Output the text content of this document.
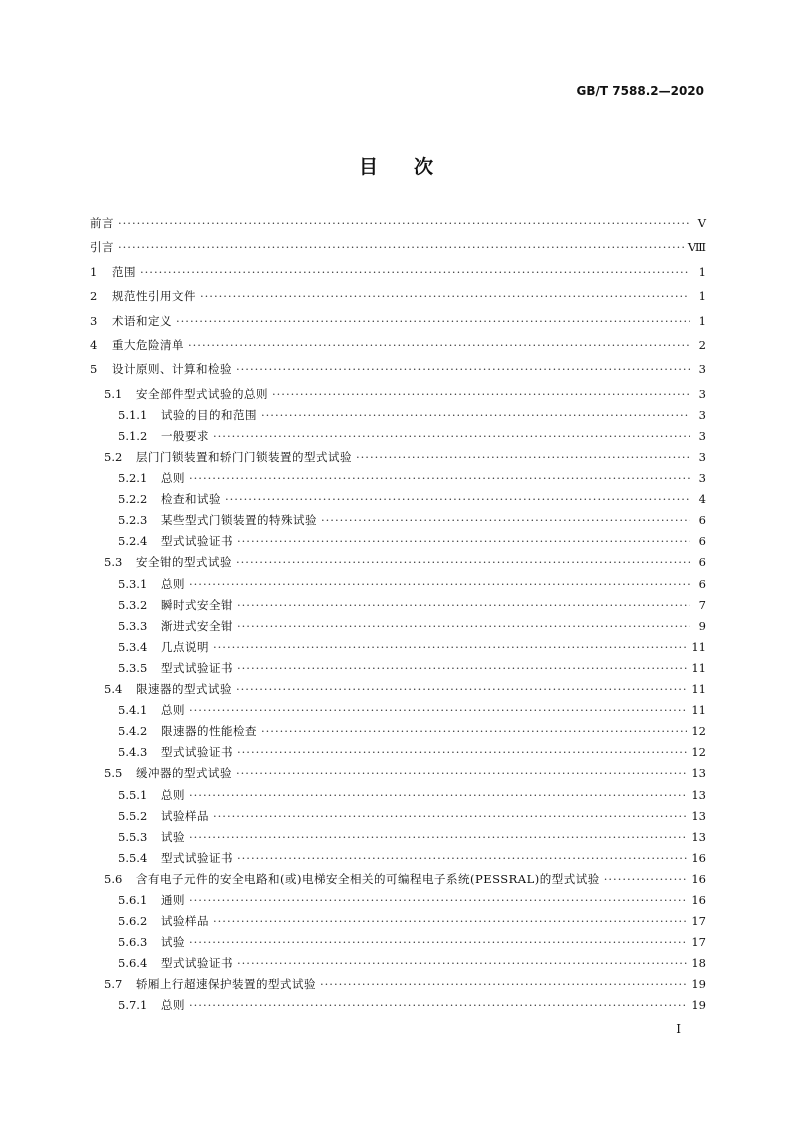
GB/T 7588.2—2020
目 次
前言 ·····	Ⅴ
引言 ·····	Ⅷ
1	范围 ·····	1
2	规范性引用文件 ·····	1
3	术语和定义 ·····	1
4	重大危险清单 ·····	2
5	设计原则、计算和检验 ·····	3
5.1	安全部件型式试验的总则 ·····	3
5.1.1	试验的目的和范围 ·····	3
5.1.2	一般要求 ·····	3
5.2	层门门锁装置和轿门门锁装置的型式试验 ·····	3
5.2.1	总则 ·····	3
5.2.2	检查和试验 ·····	4
5.2.3	某些型式门锁装置的特殊试验 ·····	6
5.2.4	型式试验证书 ·····	6
5.3	安全钳的型式试验 ·····	6
5.3.1	总则 ·····	6
5.3.2	瞬时式安全钳 ·····	7
5.3.3	渐进式安全钳 ·····	9
5.3.4	几点说明 ·····	11
5.3.5	型式试验证书 ·····	11
5.4	限速器的型式试验 ·····	11
5.4.1	总则 ·····	11
5.4.2	限速器的性能检查 ·····	12
5.4.3	型式试验证书 ·····	12
5.5	缓冲器的型式试验 ·····	13
5.5.1	总则 ·····	13
5.5.2	试验样品 ·····	13
5.5.3	试验 ·····	13
5.5.4	型式试验证书 ·····	16
5.6	含有电子元件的安全电路和(或)电梯安全相关的可编程电子系统(PESSRAL)的型式试验 ·····	16
5.6.1	通则 ·····	16
5.6.2	试验样品 ·····	17
5.6.3	试验 ·····	17
5.6.4	型式试验证书 ·····	18
5.7	轿厢上行超速保护装置的型式试验 ·····	19
5.7.1	总则 ·····	19
I
